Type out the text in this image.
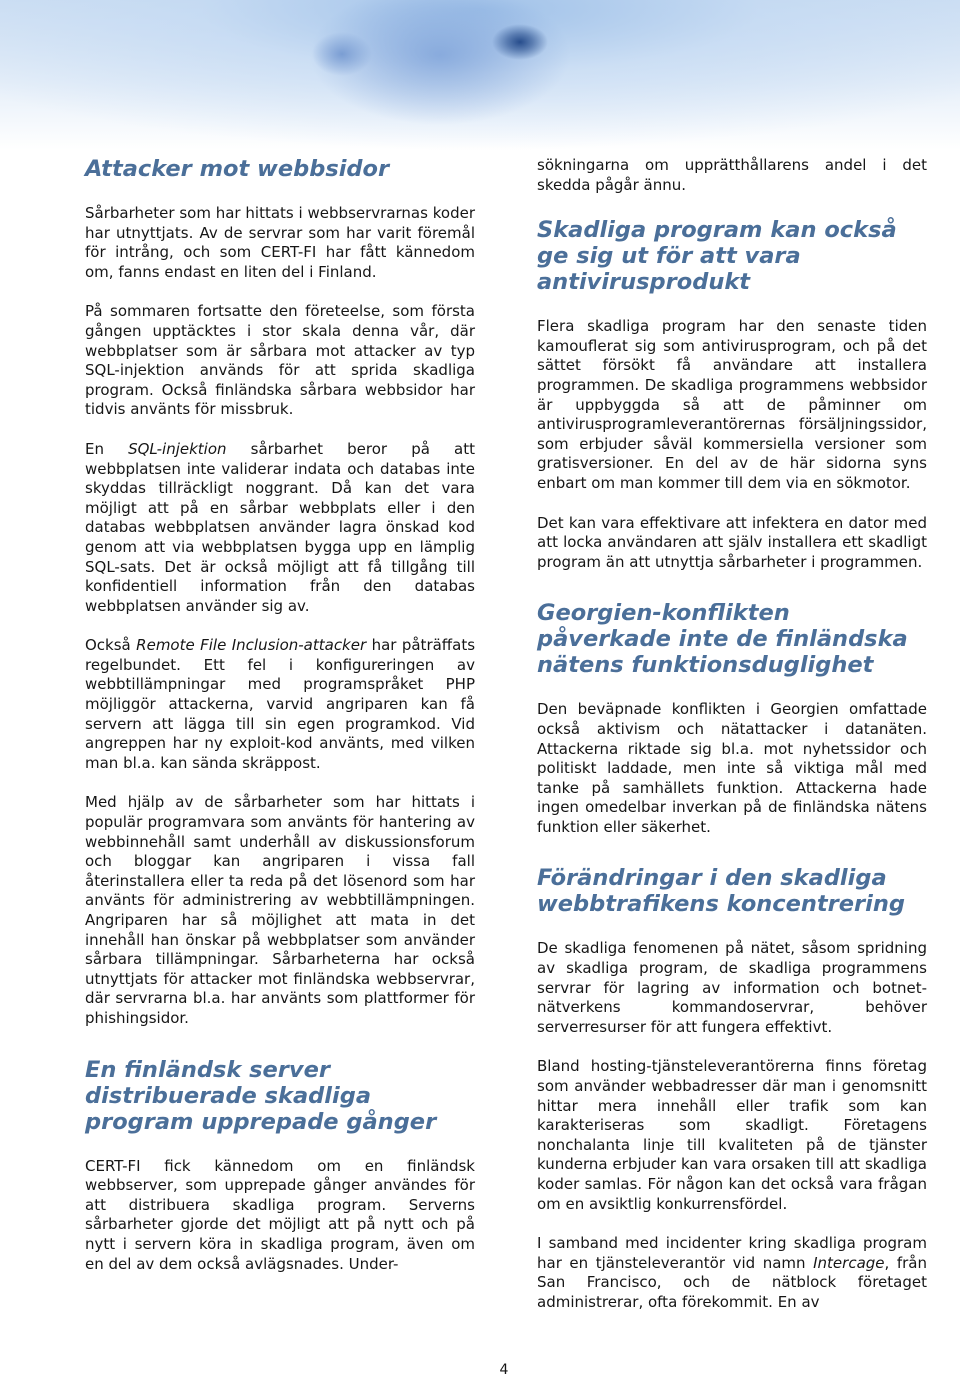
Attacker mot webbsidor

Sårbarheter som har hittats i webbservrarnas koder har utnyttjats. Av de servrar som har varit föremål för intrång, och som CERT-FI har fått kännedom om, fanns endast en liten del i Finland.

På sommaren fortsatte den företeelse, som första gången upptäcktes i stor skala denna vår, där webbplatser som är sårbara mot attacker av typ SQL-injektion används för att sprida skadliga program. Också finländska sårbara webbsidor har tidvis använts för missbruk.

En SQL-injektion sårbarhet beror på att webbplatsen inte validerar indata och databas inte skyddas tillräckligt noggrant. Då kan det vara möjligt att på en sårbar webbplats eller i den databas webbplatsen använder lagra önskad kod genom att via webbplatsen bygga upp en lämplig SQL-sats. Det är också möjligt att få tillgång till konfidentiell information från den databas webbplatsen använder sig av.

Också Remote File Inclusion-attacker har påträffats regelbundet. Ett fel i konfigureringen av webbtillämpningar med programspråket PHP möjliggör attackerna, varvid angriparen kan få servern att lägga till sin egen programkod. Vid angreppen har ny exploit-kod använts, med vilken man bl.a. kan sända skräppost.

Med hjälp av de sårbarheter som har hittats i populär programvara som använts för hantering av webbinnehåll samt underhåll av diskussionsforum och bloggar kan angriparen i vissa fall återinstallera eller ta reda på det lösenord som har använts för administrering av webbtillämpningen. Angriparen har så möjlighet att mata in det innehåll han önskar på webbplatser som använder sårbara tillämpningar. Sårbarheterna har också utnyttjats för attacker mot finländska webbservrar, där servrarna bl.a. har använts som plattformer för phishingsidor.

En finländsk server distribuerade skadliga program upprepade gånger

CERT-FI fick kännedom om en finländsk webbserver, som upprepade gånger användes för att distribuera skadliga program. Serverns sårbarheter gjorde det möjligt att på nytt och på nytt i servern köra in skadliga program, även om en del av dem också avlägsnades. Under-

sökningarna om upprätthållarens andel i det skedda pågår ännu.

Skadliga program kan också ge sig ut för att vara antivirusprodukt

Flera skadliga program har den senaste tiden kamouflerat sig som antivirusprogram, och på det sättet försökt få användare att installera programmen. De skadliga programmens webbsidor är uppbyggda så att de påminner om antivirusprogramleverantörernas försäljningssidor, som erbjuder såväl kommersiella versioner som gratisversioner. En del av de här sidorna syns enbart om man kommer till dem via en sökmotor.

Det kan vara effektivare att infektera en dator med att locka användaren att själv installera ett skadligt program än att utnyttja sårbarheter i programmen.

Georgien-konflikten påverkade inte de finländska nätens funktionsduglighet

Den beväpnade konflikten i Georgien omfattade också aktivism och nätattacker i datanäten. Attackerna riktade sig bl.a. mot nyhetssidor och politiskt laddade, men inte så viktiga mål med tanke på samhällets funktion. Attackerna hade ingen omedelbar inverkan på de finländska nätens funktion eller säkerhet.

Förändringar i den skadliga webbtrafikens koncentrering

De skadliga fenomenen på nätet, såsom spridning av skadliga program, de skadliga programmens servrar för lagring av information och botnet-nätverkens kommandoservrar, behöver serverresurser för att fungera effektivt.

Bland hosting-tjänsteleverantörerna finns företag som använder webbadresser där man i genomsnitt hittar mera innehåll eller trafik som kan karakteriseras som skadligt. Företagens nonchalanta linje till kvaliteten på de tjänster kunderna erbjuder kan vara orsaken till att skadliga koder samlas. För någon kan det också vara frågan om en avsiktlig konkurrensfördel.

I samband med incidenter kring skadliga program har en tjänsteleverantör vid namn Intercage, från San Francisco, och de nätblock företaget administrerar, ofta förekommit. En av

4
